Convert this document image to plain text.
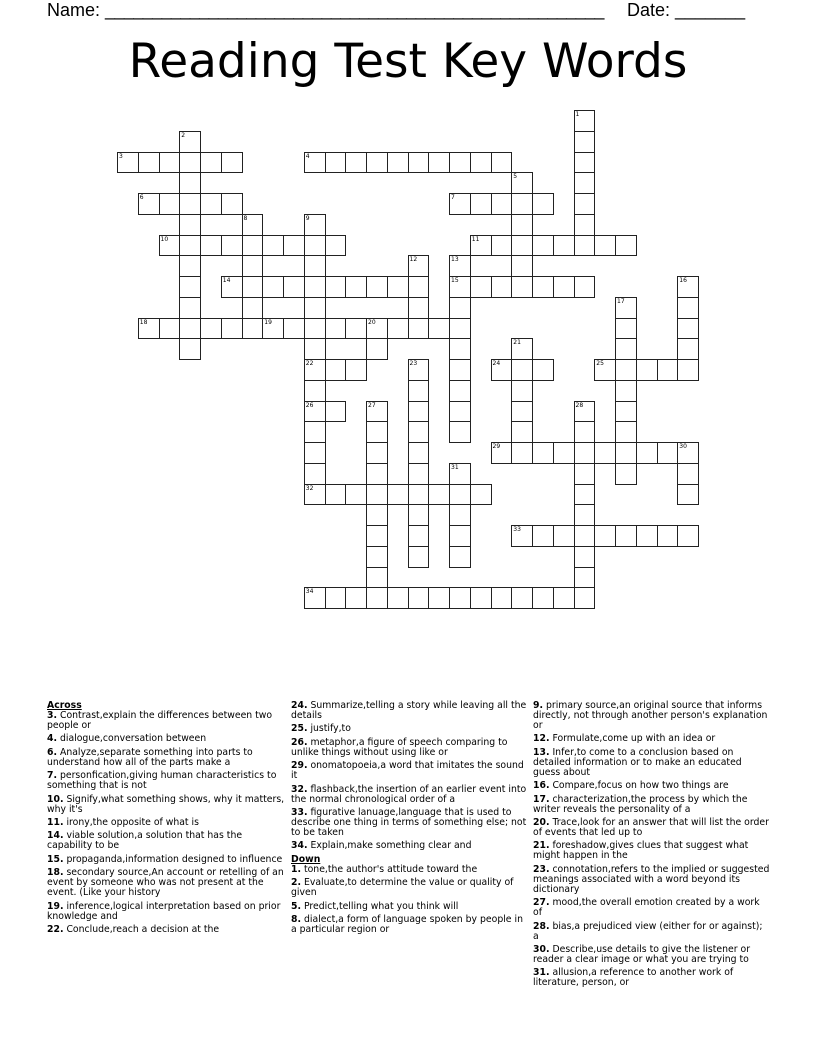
Name: _____________________________________________________ Date: _______
Reading Test Key Words
1
2
3	4
5
6	7
8	9
22
26
32
10	11
12	13
15
14	16
17
18	19	20
21
23	24	25
27	28
29	30
31
33
34
Across
3. Contrast,explain the differences between two people or
4. dialogue,conversation between
6. Analyze,separate something into parts to understand how all of the parts make a
7. personfication,giving human characteristics to something that is not
10. Signify,what something shows, why it matters, why it's
11. irony,the opposite of what is
14. viable solution,a solution that has the capability to be
15. propaganda,information designed to influence
18. secondary source,An account or retelling of an event by someone who was not present at the event. (Like your history
19. inference,logical interpretation based on prior knowledge and
22. Conclude,reach a decision at the
24. Summarize,telling a story while leaving all the details
25. justify,to
26. metaphor,a figure of speech comparing to unlike things without using like or
29. onomatopoeia,a word that imitates the sound it
32. flashback,the insertion of an earlier event into the normal chronological order of a
33. figurative lanuage,language that is used to describe one thing in terms of something else; not to be taken
34. Explain,make something clear and
Down
1. tone,the author's attitude toward the
2. Evaluate,to determine the value or quality of given
5. Predict,telling what you think will
8. dialect,a form of language spoken by people in a particular region or
9. primary source,an original source that informs directly, not through another person's explanation or
12. Formulate,come up with an idea or
13. Infer,to come to a conclusion based on detailed information or to make an educated guess about
16. Compare,focus on how two things are
17. characterization,the process by which the writer reveals the personality of a
20. Trace,look for an answer that will list the order of events that led up to
21. foreshadow,gives clues that suggest what might happen in the
23. connotation,refers to the implied or suggested meanings associated with a word beyond its dictionary
27. mood,the overall emotion created by a work of
28. bias,a prejudiced view (either for or against); a
30. Describe,use details to give the listener or reader a clear image or what you are trying to
31. allusion,a reference to another work of literature, person, or
